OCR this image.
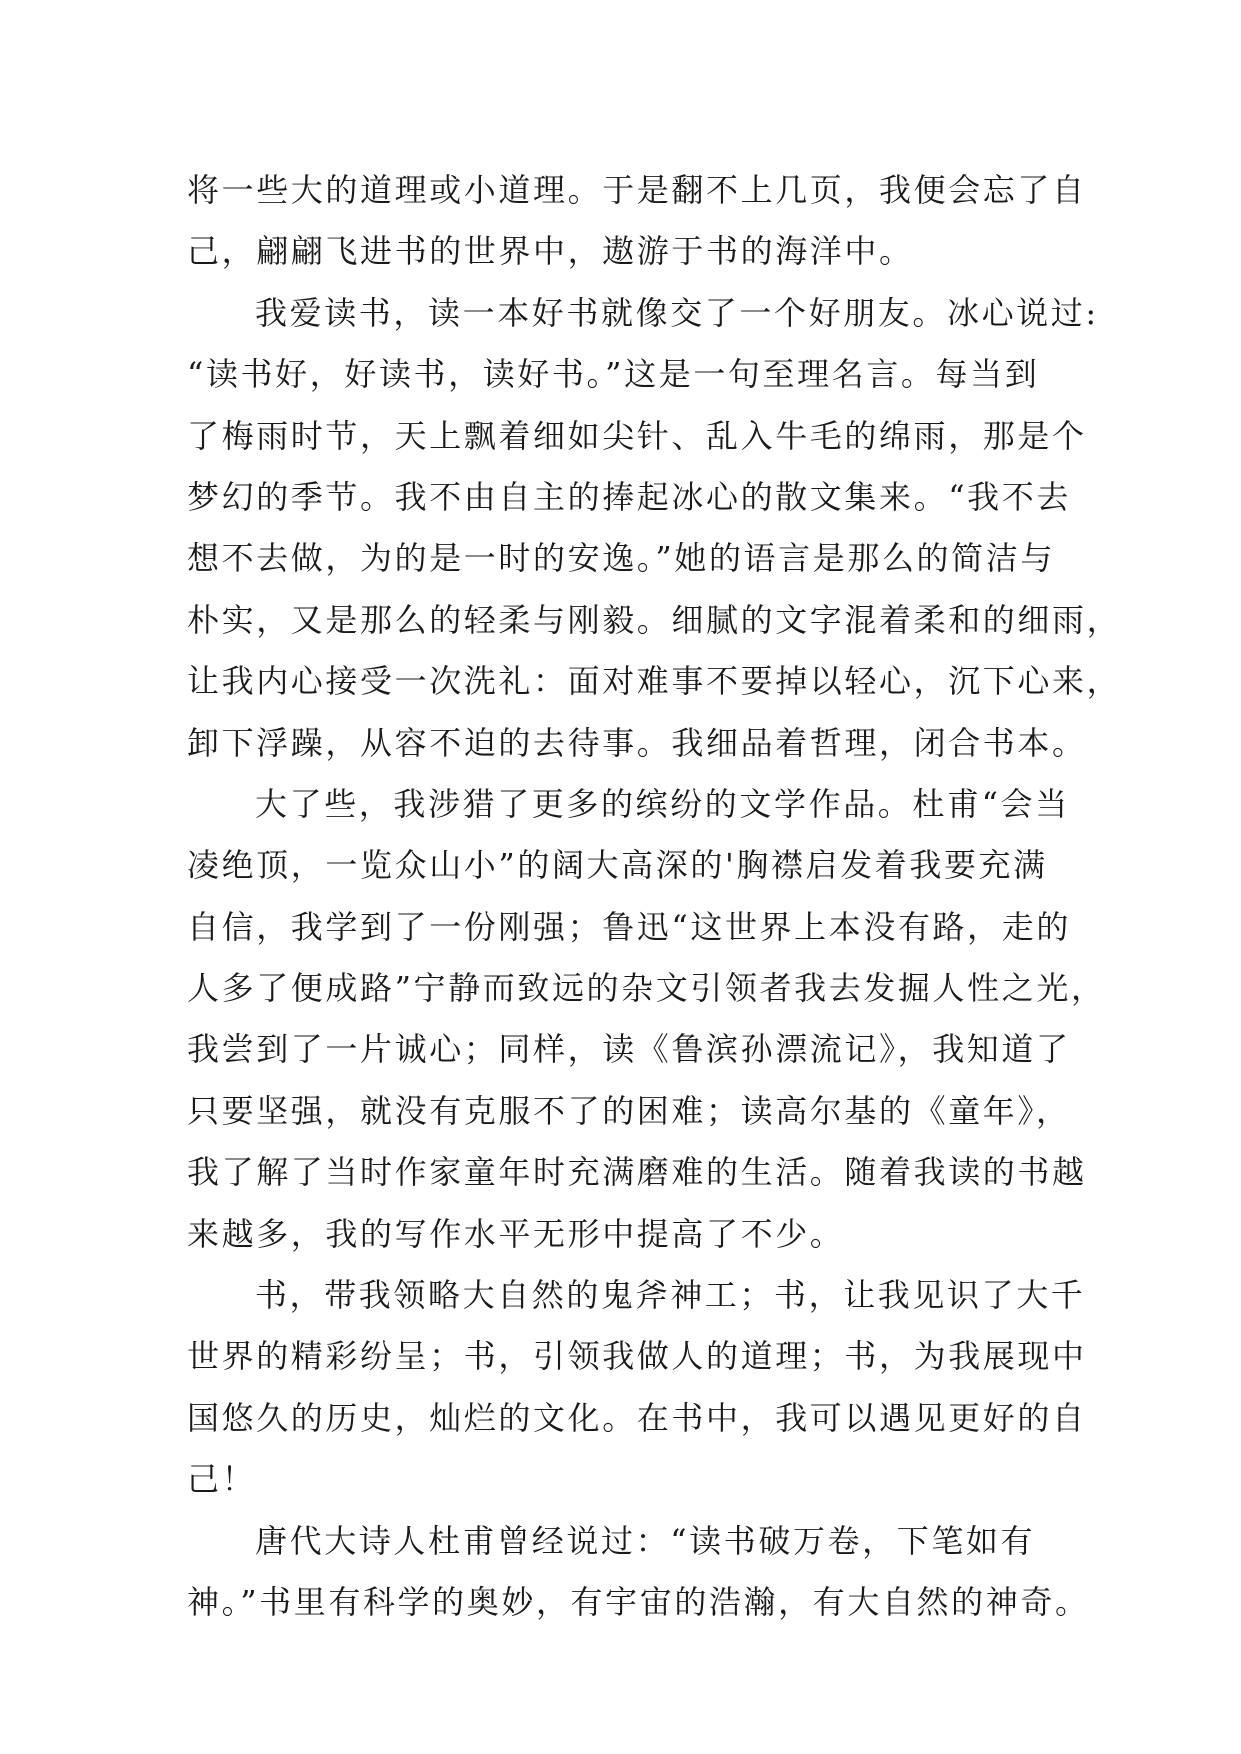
将一些大的道理或小道理。于是翻不上几页，我便会忘了自
己，翩翩飞进书的世界中，遨游于书的海洋中。

我爱读书，读一本好书就像交了一个好朋友。冰心说过:
“读书好，好读书，读好书。”这是一句至理名言。每当到
了梅雨时节，天上飘着细如尖针、乱入牛毛的绵雨，那是个
梦幻的季节。我不由自主的捧起冰心的散文集来。“我不去
想不去做，为的是一时的安逸。”她的语言是那么的简洁与
朴实，又是那么的轻柔与刚毅。细腻的文字混着柔和的细雨，
让我内心接受一次洗礼：面对难事不要掉以轻心，沉下心来，
卸下浮躁，从容不迫的去待事。我细品着哲理，闭合书本。

大了些，我涉猎了更多的缤纷的文学作品。杜甫“会当
凌绝顶，一览众山小”的阔大高深的'胸襟启发着我要充满
自信，我学到了一份刚强；鲁迅“这世界上本没有路，走的
人多了便成路”宁静而致远的杂文引领者我去发掘人性之光，
我尝到了一片诚心；同样，读《鲁滨孙漂流记》，我知道了
只要坚强，就没有克服不了的困难；读高尔基的《童年》，
我了解了当时作家童年时充满磨难的生活。随着我读的书越
来越多，我的写作水平无形中提高了不少。

书，带我领略大自然的鬼斧神工；书，让我见识了大千
世界的精彩纷呈；书，引领我做人的道理；书，为我展现中
国悠久的历史，灿烂的文化。在书中，我可以遇见更好的自
己！

唐代大诗人杜甫曾经说过：“读书破万卷，下笔如有
神。”书里有科学的奥妙，有宇宙的浩瀚，有大自然的神奇。
